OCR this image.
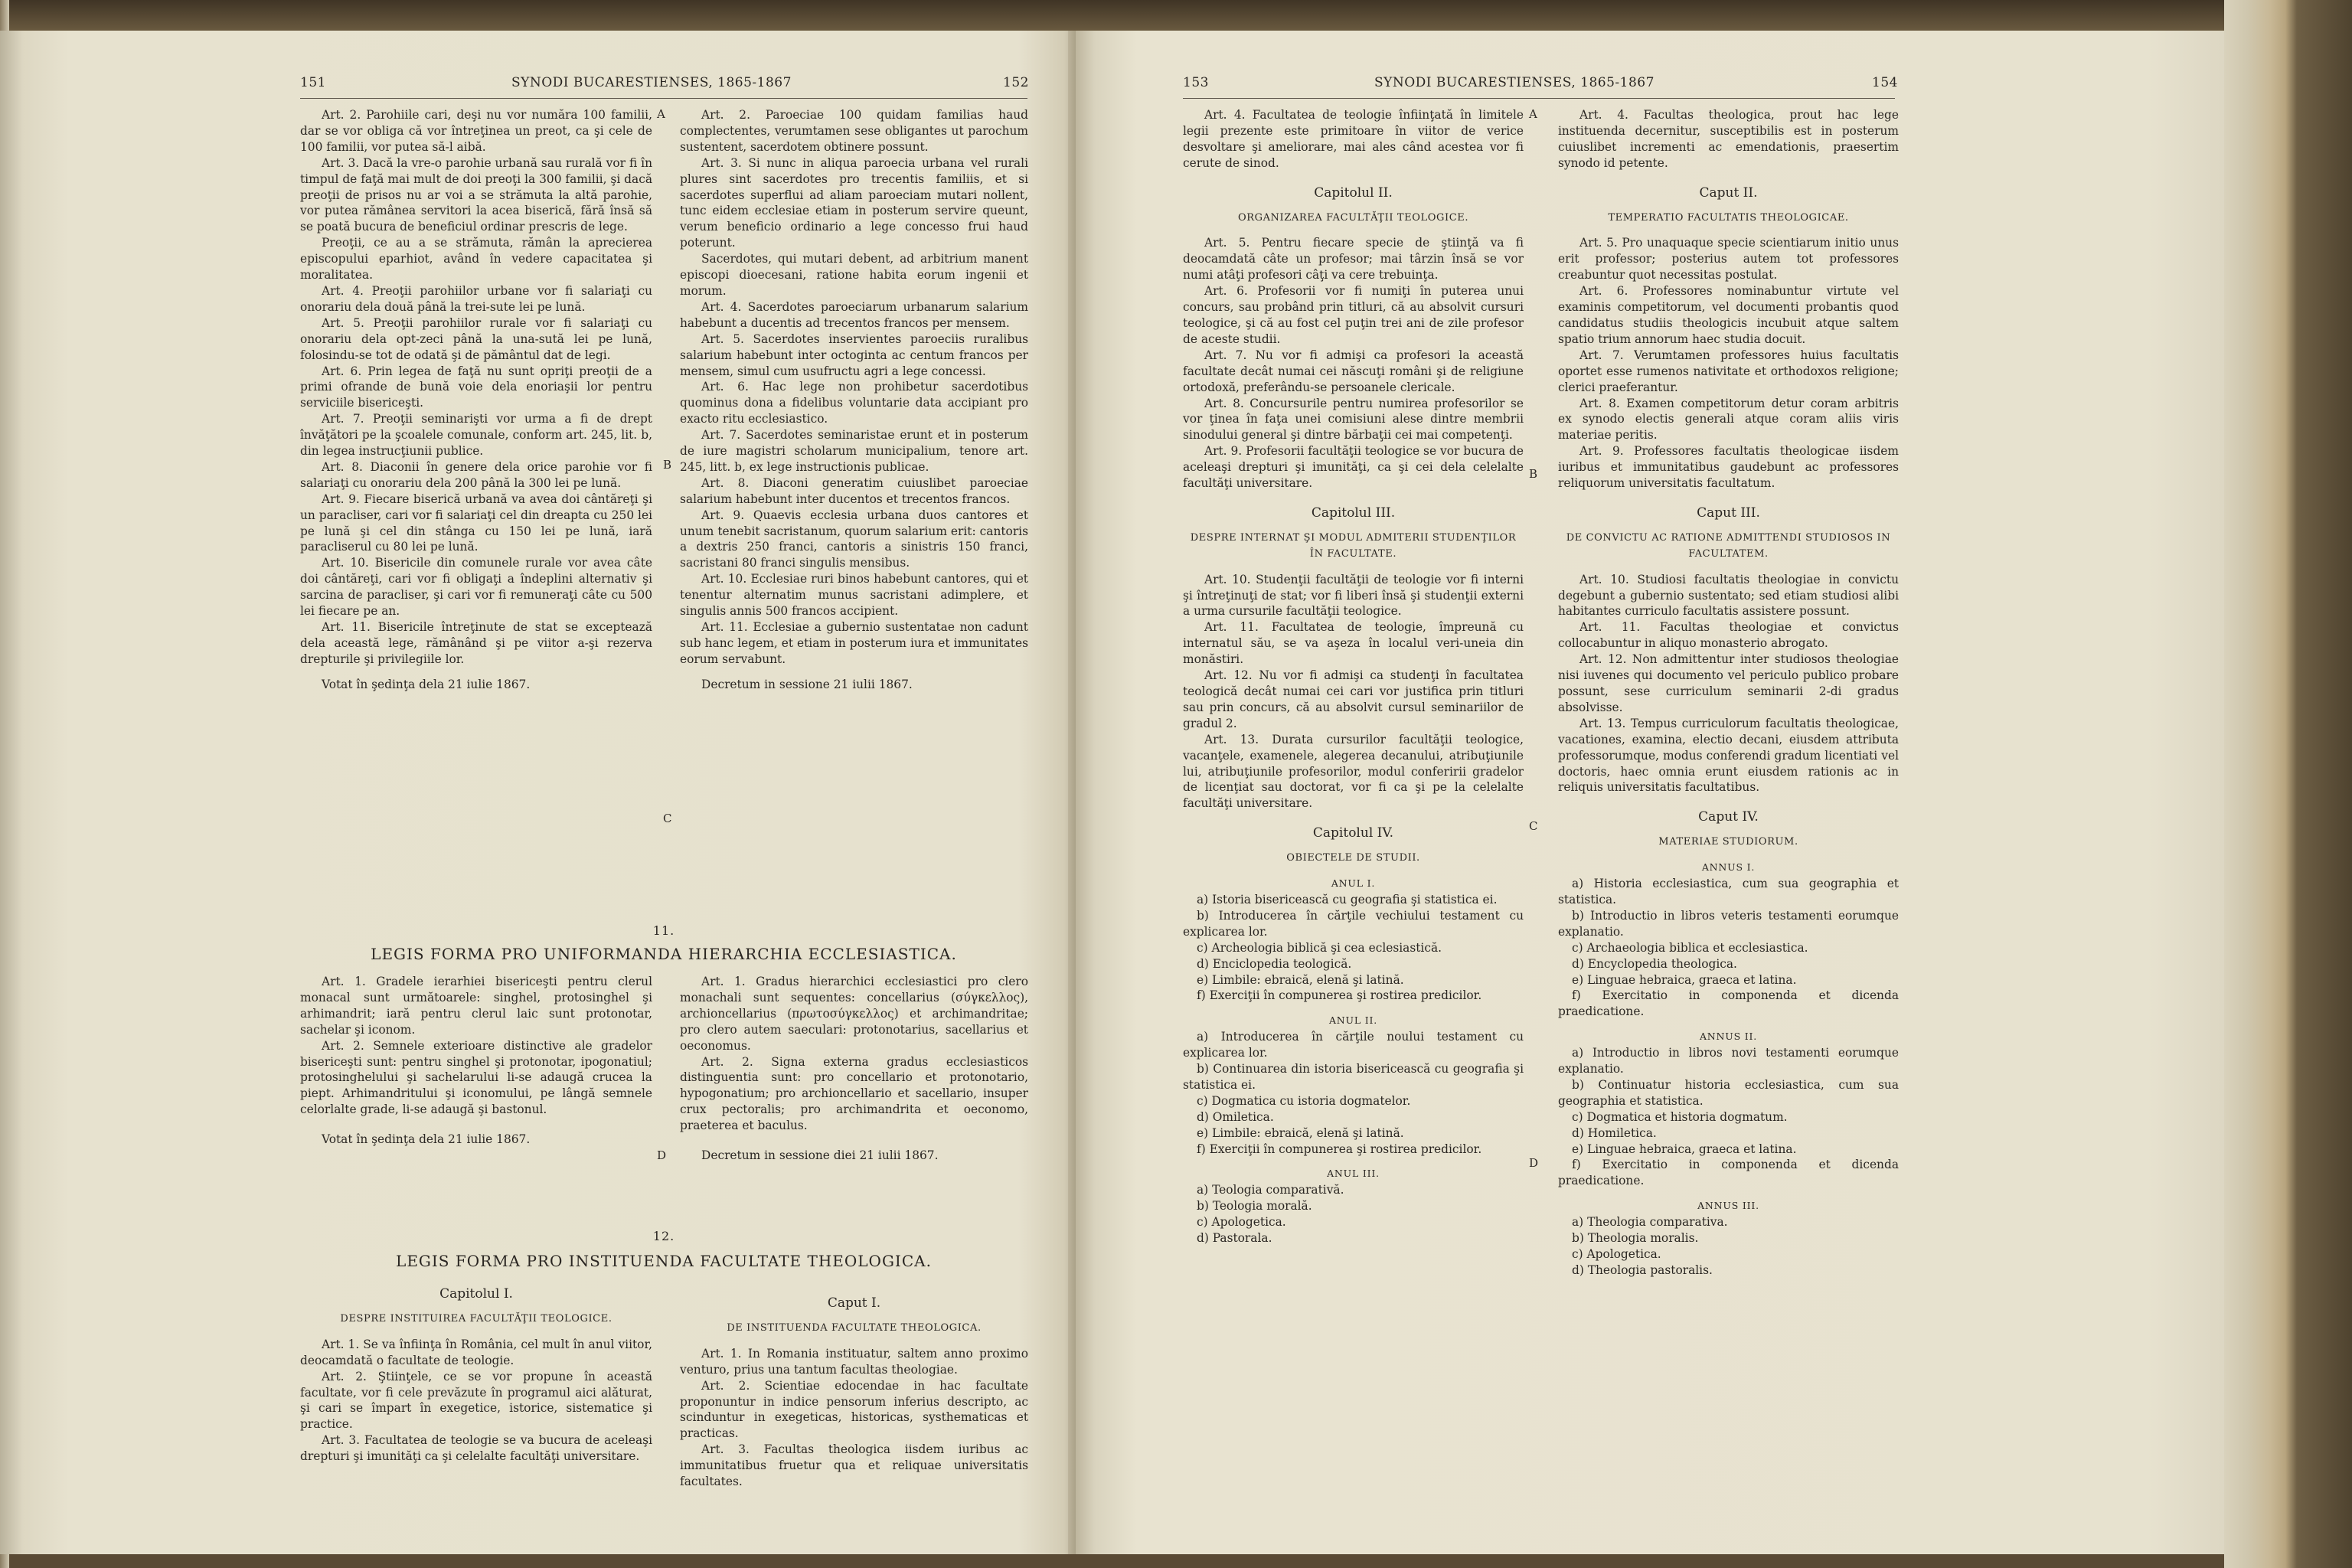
151	SYNODI BUCARESTIENSES, 1865-1867	152

Art. 2. Parohiile cari, deşi nu vor număra 100 familii, dar se vor obliga că vor întreţinea un preot, ca şi cele de 100 familii, vor putea să-l aibă.

Art. 3. Dacă la vre-o parohie urbană sau rurală vor fi în timpul de faţă mai mult de doi preoţi la 300 familii, şi dacă preoţii de prisos nu ar voi a se strămuta la altă parohie, vor putea rămânea servitori la acea biserică, fără însă să se poată bucura de beneficiul ordinar prescris de lege.

Preoţii, ce au a se strămuta, rămân la aprecierea episcopului eparhiot, având în vedere capacitatea şi moralitatea.

Art. 4. Preoţii parohiilor urbane vor fi salariaţi cu onorariu dela două până la trei-sute lei pe lună.

Art. 5. Preoţii parohiilor rurale vor fi salariaţi cu onorariu dela opt-zeci până la una-sută lei pe lună, folosindu-se tot de odată şi de pământul dat de legi.

Art. 6. Prin legea de faţă nu sunt opriţi preoţii de a primi ofrande de bună voie dela enoriaşii lor pentru serviciile bisericeşti.

Art. 7. Preoţii seminarişti vor urma a fi de drept învăţători pe la şcoalele comunale, conform art. 245, lit. b, din legea instrucţiunii publice.

Art. 8. Diaconii în genere dela orice parohie vor fi salariaţi cu onorariu dela 200 până la 300 lei pe lună.

Art. 9. Fiecare biserică urbană va avea doi cântăreţi şi un paracliser, cari vor fi salariaţi cel din dreapta cu 250 lei pe lună şi cel din stânga cu 150 lei pe lună, iară paracliserul cu 80 lei pe lună.

Art. 10. Bisericile din comunele rurale vor avea câte doi cântăreţi, cari vor fi obligaţi a îndeplini alternativ şi sarcina de paracliser, şi cari vor fi remuneraţi câte cu 500 lei fiecare pe an.

Art. 11. Bisericile întreţinute de stat se exceptează dela această lege, rămânând şi pe viitor a-şi rezerva drepturile şi privilegiile lor.

Votat în şedinţa dela 21 iulie 1867.

Art. 2. Paroeciae 100 quidam familias haud complectentes, verumtamen sese obligantes ut parochum sustentent, sacerdotem obtinere possunt.

Art. 3. Si nunc in aliqua paroecia urbana vel rurali plures sint sacerdotes pro trecentis familiis, et si sacerdotes superflui ad aliam paroeciam mutari nollent, tunc eidem ecclesiae etiam in posterum servire queunt, verum beneficio ordinario a lege concesso frui haud poterunt.

Sacerdotes, qui mutari debent, ad arbitrium manent episcopi dioecesani, ratione habita eorum ingenii et morum.

Art. 4. Sacerdotes paroeciarum urbanarum salarium habebunt a ducentis ad trecentos francos per mensem.

Art. 5. Sacerdotes inservientes paroeciis ruralibus salarium habebunt inter octoginta ac centum francos per mensem, simul cum usufructu agri a lege concessi.

Art. 6. Hac lege non prohibetur sacerdotibus quominus dona a fidelibus voluntarie data accipiant pro exacto ritu ecclesiastico.

Art. 7. Sacerdotes seminaristae erunt et in posterum de iure magistri scholarum municipalium, tenore art. 245, litt. b, ex lege instructionis publicae.

Art. 8. Diaconi generatim cuiuslibet paroeciae salarium habebunt inter ducentos et trecentos francos.

Art. 9. Quaevis ecclesia urbana duos cantores et unum tenebit sacristanum, quorum salarium erit: cantoris a dextris 250 franci, cantoris a sinistris 150 franci, sacristani 80 franci singulis mensibus.

Art. 10. Ecclesiae ruri binos habebunt cantores, qui et tenentur alternatim munus sacristani adimplere, et singulis annis 500 francos accipient.

Art. 11. Ecclesiae a gubernio sustentatae non cadunt sub hanc legem, et etiam in posterum iura et immunitates eorum servabunt.

Decretum in sessione 21 iulii 1867.

A
B
C
D
11.
LEGIS FORMA PRO UNIFORMANDA HIERARCHIA ECCLESIASTICA.

Art. 1. Gradele ierarhiei bisericeşti pentru clerul monacal sunt următoarele: singhel, protosinghel şi arhimandrit; iară pentru clerul laic sunt protonotar, sachelar şi iconom.

Art. 2. Semnele exterioare distinctive ale gradelor bisericeşti sunt: pentru singhel şi protonotar, ipogonatiul; protosinghelului şi sachelarului li-se adaugă crucea la piept. Arhimandritului şi iconomului, pe lângă semnele celorlalte grade, li-se adaugă şi bastonul.

Votat în şedinţa dela 21 iulie 1867.

Art. 1. Gradus hierarchici ecclesiastici pro clero monachali sunt sequentes: concellarius (σύγκελλος), archioncellarius (πρωτοσύγκελλος) et archimandritae; pro clero autem saeculari: protonotarius, sacellarius et oeconomus.

Art. 2. Signa externa gradus ecclesiasticos distinguentia sunt: pro concellario et protonotario, hypogonatium; pro archioncellario et sacellario, insuper crux pectoralis; pro archimandrita et oeconomo, praeterea et baculus.

Decretum in sessione diei 21 iulii 1867.

12.
LEGIS FORMA PRO INSTITUENDA FACULTATE THEOLOGICA.

Capitolul I.

DESPRE INSTITUIREA FACULTĂŢII TEOLOGICE.

Art. 1. Se va înfiinţa în România, cel mult în anul viitor, deocamdată o facultate de teologie.

Art. 2. Ştiinţele, ce se vor propune în această facultate, vor fi cele prevăzute în programul aici alăturat, şi cari se împart în exegetice, istorice, sistematice şi practice.

Art. 3. Facultatea de teologie se va bucura de aceleaşi drepturi şi imunităţi ca şi celelalte facultăţi universitare.

Caput I.

DE INSTITUENDA FACULTATE THEOLOGICA.

Art. 1. In Romania instituatur, saltem anno proximo venturo, prius una tantum facultas theologiae.

Art. 2. Scientiae edocendae in hac facultate proponuntur in indice pensorum inferius descripto, ac scinduntur in exegeticas, historicas, systhematicas et practicas.

Art. 3. Facultas theologica iisdem iuribus ac immunitatibus fruetur qua et reliquae universitatis facultates.

153	SYNODI BUCARESTIENSES, 1865-1867	154

Art. 4. Facultatea de teologie înfiinţată în limitele legii prezente este primitoare în viitor de verice desvoltare şi ameliorare, mai ales când acestea vor fi cerute de sinod.

Capitolul II.

ORGANIZAREA FACULTĂŢII TEOLOGICE.

Art. 5. Pentru fiecare specie de ştiinţă va fi deocamdată câte un profesor; mai târzin însă se vor numi atâţi profesori câţi va cere trebuinţa.

Art. 6. Profesorii vor fi numiţi în puterea unui concurs, sau probând prin titluri, că au absolvit cursuri teologice, şi că au fost cel puţin trei ani de zile profesor de aceste studii.

Art. 7. Nu vor fi admişi ca profesori la această facultate decât numai cei născuţi români şi de religiune ortodoxă, preferându-se persoanele clericale.

Art. 8. Concursurile pentru numirea profesorilor se vor ţinea în faţa unei comisiuni alese dintre membrii sinodului general şi dintre bărbaţii cei mai competenţi.

Art. 9. Profesorii facultăţii teologice se vor bucura de aceleaşi drepturi şi imunităţi, ca şi cei dela celelalte facultăţi universitare.

Capitolul III.

DESPRE INTERNAT ŞI MODUL ADMITERII STUDENŢILOR ÎN FACULTATE.

Art. 10. Studenţii facultăţii de teologie vor fi interni şi întreţinuţi de stat; vor fi liberi însă şi studenţii externi a urma cursurile facultăţii teologice.

Art. 11. Facultatea de teologie, împreună cu internatul său, se va aşeza în localul veri-uneia din monăstiri.

Art. 12. Nu vor fi admişi ca studenţi în facultatea teologică decât numai cei cari vor justifica prin titluri sau prin concurs, că au absolvit cursul seminariilor de gradul 2.

Art. 13. Durata cursurilor facultăţii teologice, vacanţele, examenele, alegerea decanului, atribuţiunile lui, atribuţiunile profesorilor, modul conferirii gradelor de licenţiat sau doctorat, vor fi ca şi pe la celelalte facultăţi universitare.

Capitolul IV.

OBIECTELE DE STUDII.

ANUL I.

a) Istoria bisericească cu geografia şi statistica ei.

b) Introducerea în cărţile vechiului testament cu explicarea lor.

c) Archeologia biblică şi cea eclesiastică.

d) Enciclopedia teologică.

e) Limbile: ebraică, elenă şi latină.

f) Exerciţii în compunerea şi rostirea predicilor.

ANUL II.

a) Introducerea în cărţile noului testament cu explicarea lor.

b) Continuarea din istoria bisericească cu geografia şi statistica ei.

c) Dogmatica cu istoria dogmatelor.

d) Omiletica.

e) Limbile: ebraică, elenă şi latină.

f) Exerciţii în compunerea şi rostirea predicilor.

ANUL III.

a) Teologia comparativă.

b) Teologia morală.

c) Apologetica.

d) Pastorala.

Art. 4. Facultas theologica, prout hac lege instituenda decernitur, susceptibilis est in posterum cuiuslibet incrementi ac emendationis, praesertim synodo id petente.

Caput II.

TEMPERATIO FACULTATIS THEOLOGICAE.

Art. 5. Pro unaquaque specie scientiarum initio unus erit professor; posterius autem tot professores creabuntur quot necessitas postulat.

Art. 6. Professores nominabuntur virtute vel examinis competitorum, vel documenti probantis quod candidatus studiis theologicis incubuit atque saltem spatio trium annorum haec studia docuit.

Art. 7. Verumtamen professores huius facultatis oportet esse rumenos nativitate et orthodoxos religione; clerici praeferantur.

Art. 8. Examen competitorum detur coram arbitris ex synodo electis generali atque coram aliis viris materiae peritis.

Art. 9. Professores facultatis theologicae iisdem iuribus et immunitatibus gaudebunt ac professores reliquorum universitatis facultatum.

Caput III.

DE CONVICTU AC RATIONE ADMITTENDI STUDIOSOS IN FACULTATEM.

Art. 10. Studiosi facultatis theologiae in convictu degebunt a gubernio sustentato; sed etiam studiosi alibi habitantes curriculo facultatis assistere possunt.

Art. 11. Facultas theologiae et convictus collocabuntur in aliquo monasterio abrogato.

Art. 12. Non admittentur inter studiosos theologiae nisi iuvenes qui documento vel periculo publico probare possunt, sese curriculum seminarii 2-di gradus absolvisse.

Art. 13. Tempus curriculorum facultatis theologicae, vacationes, examina, electio decani, eiusdem attributa professorumque, modus conferendi gradum licentiati vel doctoris, haec omnia erunt eiusdem rationis ac in reliquis universitatis facultatibus.

Caput IV.

MATERIAE STUDIORUM.

ANNUS I.

a) Historia ecclesiastica, cum sua geographia et statistica.

b) Introductio in libros veteris testamenti eorumque explanatio.

c) Archaeologia biblica et ecclesiastica.

d) Encyclopedia theologica.

e) Linguae hebraica, graeca et latina.

f) Exercitatio in componenda et dicenda praedicatione.

ANNUS II.

a) Introductio in libros novi testamenti eorumque explanatio.

b) Continuatur historia ecclesiastica, cum sua geographia et statistica.

c) Dogmatica et historia dogmatum.

d) Homiletica.

e) Linguae hebraica, graeca et latina.

f) Exercitatio in componenda et dicenda praedicatione.

ANNUS III.

a) Theologia comparativa.

b) Theologia moralis.

c) Apologetica.

d) Theologia pastoralis.

A
B
C
D
